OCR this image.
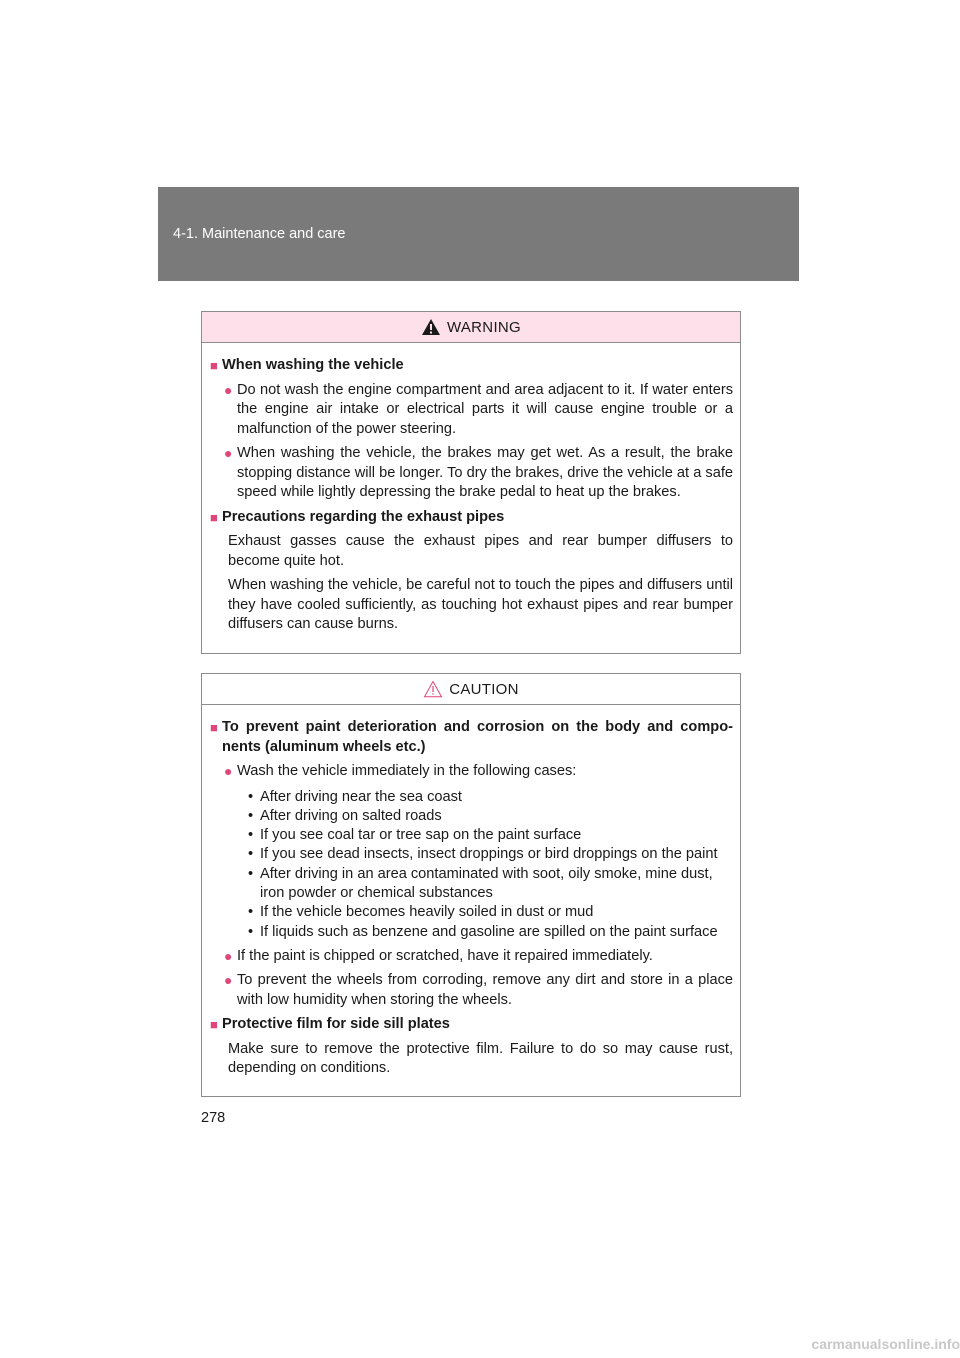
4-1. Maintenance and care
WARNING
■ When washing the vehicle
● Do not wash the engine compartment and area adjacent to it. If water enters the engine air intake or electrical parts it will cause engine trouble or a malfunction of the power steering.
● When washing the vehicle, the brakes may get wet. As a result, the brake stopping distance will be longer. To dry the brakes, drive the vehicle at a safe speed while lightly depressing the brake pedal to heat up the brakes.
■ Precautions regarding the exhaust pipes
Exhaust gasses cause the exhaust pipes and rear bumper diffusers to become quite hot.
When washing the vehicle, be careful not to touch the pipes and diffusers until they have cooled sufficiently, as touching hot exhaust pipes and rear bumper diffusers can cause burns.
CAUTION
■ To prevent paint deterioration and corrosion on the body and compo- nents (aluminum wheels etc.)
● Wash the vehicle immediately in the following cases:
• After driving near the sea coast
• After driving on salted roads
• If you see coal tar or tree sap on the paint surface
• If you see dead insects, insect droppings or bird droppings on the paint
• After driving in an area contaminated with soot, oily smoke, mine dust, iron powder or chemical substances
• If the vehicle becomes heavily soiled in dust or mud
• If liquids such as benzene and gasoline are spilled on the paint surface
● If the paint is chipped or scratched, have it repaired immediately.
● To prevent the wheels from corroding, remove any dirt and store in a place with low humidity when storing the wheels.
■ Protective film for side sill plates
Make sure to remove the protective film. Failure to do so may cause rust, depending on conditions.
278
carmanualsonline.info
